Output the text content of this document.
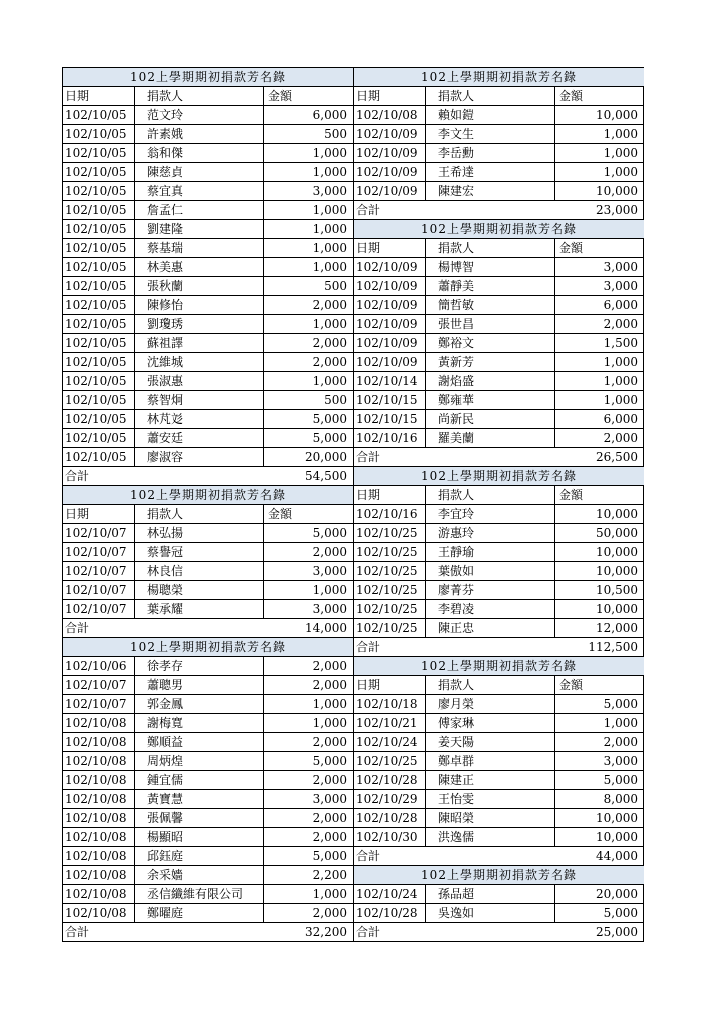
102上學期期初捐款芳名錄
日期	捐款人	金額
102/10/05	范文玲	6,000
102/10/05	許素娥	500
102/10/05	翁和傑	1,000
102/10/05	陳慈貞	1,000
102/10/05	蔡宜真	3,000
102/10/05	詹孟仁	1,000
102/10/05	劉建隆	1,000
102/10/05	蔡基瑞	1,000
102/10/05	林美惠	1,000
102/10/05	張秋蘭	500
102/10/05	陳修怡	2,000
102/10/05	劉瓊琇	1,000
102/10/05	蘇祖譯	2,000
102/10/05	沈維城	2,000
102/10/05	張淑惠	1,000
102/10/05	蔡智炯	500
102/10/05	林芃彣	5,000
102/10/05	蕭安廷	5,000
102/10/05	廖淑容	20,000
合計	54,500
102上學期期初捐款芳名錄
日期	捐款人	金額
102/10/07	林弘揚	5,000
102/10/07	蔡譽冠	2,000
102/10/07	林良信	3,000
102/10/07	楊聰榮	1,000
102/10/07	葉承耀	3,000
合計	14,000
102上學期期初捐款芳名錄
102/10/06	徐孝存	2,000
102/10/07	蕭聰男	2,000
102/10/07	郭金鳳	1,000
102/10/08	謝梅寬	1,000
102/10/08	鄭順益	2,000
102/10/08	周炳煌	5,000
102/10/08	鍾宜儒	2,000
102/10/08	黃寶慧	3,000
102/10/08	張佩馨	2,000
102/10/08	楊顯昭	2,000
102/10/08	邱鈺庭	5,000
102/10/08	余采嬙	2,200
102/10/08	丞信纖維有限公司	1,000
102/10/08	鄭曜庭	2,000
合計	32,200
102上學期期初捐款芳名錄
日期	捐款人	金額
102/10/08	賴如鎧	10,000
102/10/09	李文生	1,000
102/10/09	李岳勳	1,000
102/10/09	王希達	1,000
102/10/09	陳建宏	10,000
合計	23,000
102上學期期初捐款芳名錄
日期	捐款人	金額
102/10/09	楊博智	3,000
102/10/09	蕭靜美	3,000
102/10/09	簡哲敏	6,000
102/10/09	張世昌	2,000
102/10/09	鄭裕文	1,500
102/10/09	黃新芳	1,000
102/10/14	謝焰盛	1,000
102/10/15	鄭雍華	1,000
102/10/15	尚新民	6,000
102/10/16	羅美蘭	2,000
合計	26,500
102上學期期初捐款芳名錄
日期	捐款人	金額
102/10/16	李宜玲	10,000
102/10/25	游惠玲	50,000
102/10/25	王靜瑜	10,000
102/10/25	葉傲如	10,000
102/10/25	廖菁芬	10,500
102/10/25	李碧凌	10,000
102/10/25	陳正忠	12,000
合計	112,500
102上學期期初捐款芳名錄
日期	捐款人	金額
102/10/18	廖月榮	5,000
102/10/21	傅家琳	1,000
102/10/24	姜天陽	2,000
102/10/25	鄭卓群	3,000
102/10/28	陳建正	5,000
102/10/29	王怡雯	8,000
102/10/28	陳昭榮	10,000
102/10/30	洪逸儒	10,000
合計	44,000
102上學期期初捐款芳名錄
102/10/24	孫品超	20,000
102/10/28	吳逸如	5,000
合計	25,000
